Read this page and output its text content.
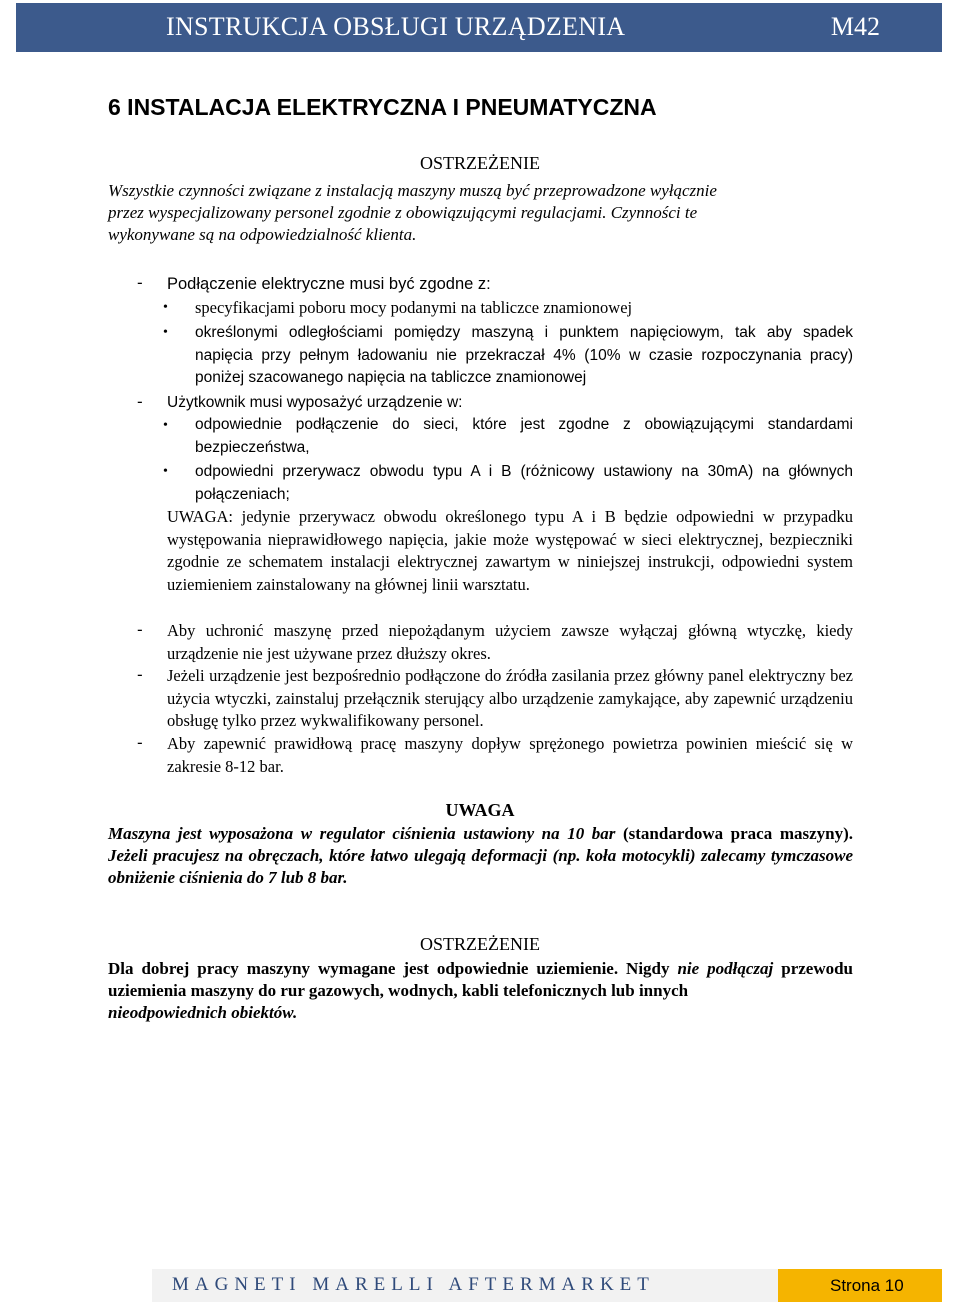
INSTRUKCJA OBSŁUGI URZĄDZENIA	M42
6 INSTALACJA ELEKTRYCZNA I PNEUMATYCZNA
OSTRZEŻENIE

Wszystkie czynności związane z instalacją maszyny muszą być przeprowadzone wyłącznie
przez wyspecjalizowany personel zgodnie z obowiązującymi regulacjami. Czynności te
wykonywane są na odpowiedzialność klienta.

- Podłączenie elektryczne musi być zgodne z:

• specyfikacjami poboru mocy podanymi na tabliczce znamionowej

• określonymi odległościami pomiędzy maszyną i punktem napięciowym, tak aby spadek napięcia przy pełnym ładowaniu nie przekraczał 4% (10% w czasie rozpoczynania pracy) poniżej szacowanego napięcia na tabliczce znamionowej

- Użytkownik musi wyposażyć urządzenie w:

• odpowiednie podłączenie do sieci, które jest zgodne z obowiązującymi standardami bezpieczeństwa,

• odpowiedni przerywacz obwodu typu A i B (różnicowy ustawiony na 30mA) na głównych połączeniach;

UWAGA: jedynie przerywacz obwodu określonego typu A i B będzie odpowiedni w przypadku występowania nieprawidłowego napięcia, jakie może występować w sieci elektrycznej, bezpieczniki zgodnie ze schematem instalacji elektrycznej zawartym w niniejszej instrukcji, odpowiedni system uziemieniem zainstalowany na głównej linii warsztatu.

- Aby uchronić maszynę przed niepożądanym użyciem zawsze wyłączaj główną wtyczkę, kiedy urządzenie nie jest używane przez dłuższy okres.

- Jeżeli urządzenie jest bezpośrednio podłączone do źródła zasilania przez główny panel elektryczny bez użycia wtyczki, zainstaluj przełącznik sterujący albo urządzenie zamykające, aby zapewnić urządzeniu obsługę tylko przez wykwalifikowany personel.

- Aby zapewnić prawidłową pracę maszyny dopływ sprężonego powietrza powinien mieścić się w zakresie 8-12 bar.

UWAGA

Maszyna jest wyposażona w regulator ciśnienia ustawiony na 10 bar (standardowa praca maszyny). Jeżeli pracujesz na obręczach, które łatwo ulegają deformacji (np. koła motocykli) zalecamy tymczasowe obniżenie ciśnienia do 7 lub 8 bar.

OSTRZEŻENIE

Dla dobrej pracy maszyny wymagane jest odpowiednie uziemienie. Nigdy nie podłączaj przewodu uziemienia maszyny do rur gazowych, wodnych, kabli telefonicznych lub innych
nieodpowiednich obiektów.

MAGNETI MARELLI AFTERMARKET	Strona 10
